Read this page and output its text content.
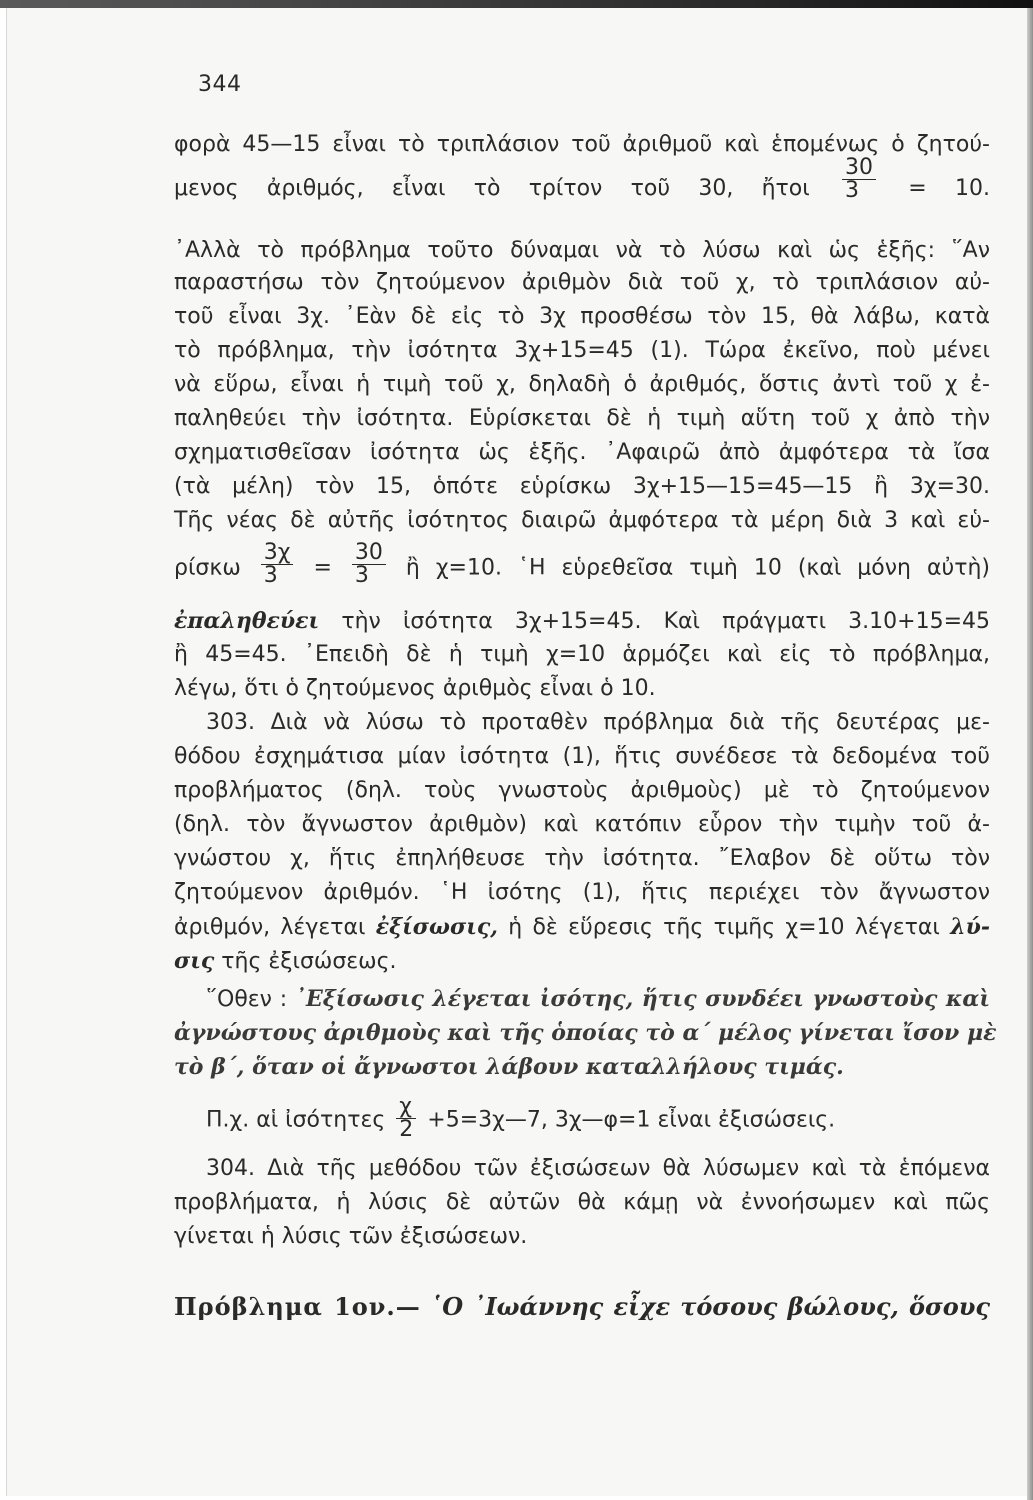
344
φορὰ 45—15 εἶναι τὸ τριπλάσιον τοῦ ἀριθμοῦ καὶ ἑπομένως ὁ ζητού-
μενος ἀριθμός, εἶναι τὸ τρίτον τοῦ 30, ἤτοι $\frac{30}{3} = 10$.
᾽Αλλὰ τὸ πρόβλημα τοῦτο δύναμαι νὰ τὸ λύσω καὶ ὡς ἑξῆς: ῞Αν
παραστήσω τὸν ζητούμενον ἀριθμὸν διὰ τοῦ χ, τὸ τριπλάσιον αὐ-
τοῦ εἶναι 3χ. ᾽Εὰν δὲ εἰς τὸ 3χ προσθέσω τὸν 15, θὰ λάβω, κατὰ
τὸ πρόβλημα, τὴν ἰσότητα 3χ+15=45 (1). Τώρα ἐκεῖνο, ποὺ μένει
νὰ εὕρω, εἶναι ἡ τιμὴ τοῦ χ, δηλαδὴ ὁ ἀριθμός, ὅστις ἀντὶ τοῦ χ ἐ-
παληθεύει τὴν ἰσότητα. Εὑρίσκεται δὲ ἡ τιμὴ αὕτη τοῦ χ ἀπὸ τὴν
σχηματισθεῖσαν ἰσότητα ὡς ἑξῆς. ᾽Αφαιρῶ ἀπὸ ἀμφότερα τὰ ἴσα
(τὰ μέλη) τὸν 15, ὁπότε εὑρίσκω 3χ+15—15=45—15 ἢ 3χ=30.
Τῆς νέας δὲ αὐτῆς ἰσότητος διαιρῶ ἀμφότερα τὰ μέρη διὰ 3 καὶ εὑ-
ρίσκω $\frac{3\chi}{3} = \frac{30}{3}$ ἢ χ=10. ῾Η εὑρεθεῖσα τιμὴ 10 (καὶ μόνη αὐτὴ)
ἐπαληθεύει τὴν ἰσότητα 3χ+15=45. Καὶ πράγματι 3.10+15=45
ἢ 45=45. ᾽Επειδὴ δὲ ἡ τιμὴ χ=10 ἁρμόζει καὶ εἰς τὸ πρόβλημα,
λέγω, ὅτι ὁ ζητούμενος ἀριθμὸς εἶναι ὁ 10.
303. Διὰ νὰ λύσω τὸ προταθὲν πρόβλημα διὰ τῆς δευτέρας με-
θόδου ἐσχημάτισα μίαν ἰσότητα (1), ἥτις συνέδεσε τὰ δεδομένα τοῦ
προβλήματος (δηλ. τοὺς γνωστοὺς ἀριθμοὺς) μὲ τὸ ζητούμενον
(δηλ. τὸν ἄγνωστον ἀριθμὸν) καὶ κατόπιν εὗρον τὴν τιμὴν τοῦ ἀ-
γνώστου χ, ἥτις ἐπηλήθευσε τὴν ἰσότητα. ῎Ελαβον δὲ οὕτω τὸν
ζητούμενον ἀριθμόν. ῾Η ἰσότης (1), ἥτις περιέχει τὸν ἄγνωστον
ἀριθμόν, λέγεται ἐξίσωσις, ἡ δὲ εὕρεσις τῆς τιμῆς χ=10 λέγεται λύ-
σις τῆς ἐξισώσεως.
῞Οθεν : ᾽Εξίσωσις λέγεται ἰσότης, ἥτις συνδέει γνωστοὺς καὶ
ἀγνώστους ἀριθμοὺς καὶ τῆς ὁποίας τὸ α΄ μέλος γίνεται ἴσον μὲ
τὸ β΄, ὅταν οἱ ἄγνωστοι λάβουν καταλλήλους τιμάς.
Π.χ. αἱ ἰσότητες $\frac{\chi}{2}$ +5=3χ—7, 3χ—φ=1 εἶναι ἐξισώσεις.
304. Διὰ τῆς μεθόδου τῶν ἐξισώσεων θὰ λύσωμεν καὶ τὰ ἑπόμενα
προβλήματα, ἡ λύσις δὲ αὐτῶν θὰ κάμῃ νὰ ἐννοήσωμεν καὶ πῶς
γίνεται ἡ λύσις τῶν ἐξισώσεων.
Πρόβλημα 1ον.— ῾Ο ᾽Ιωάννης εἶχε τόσους βώλους, ὅσους
